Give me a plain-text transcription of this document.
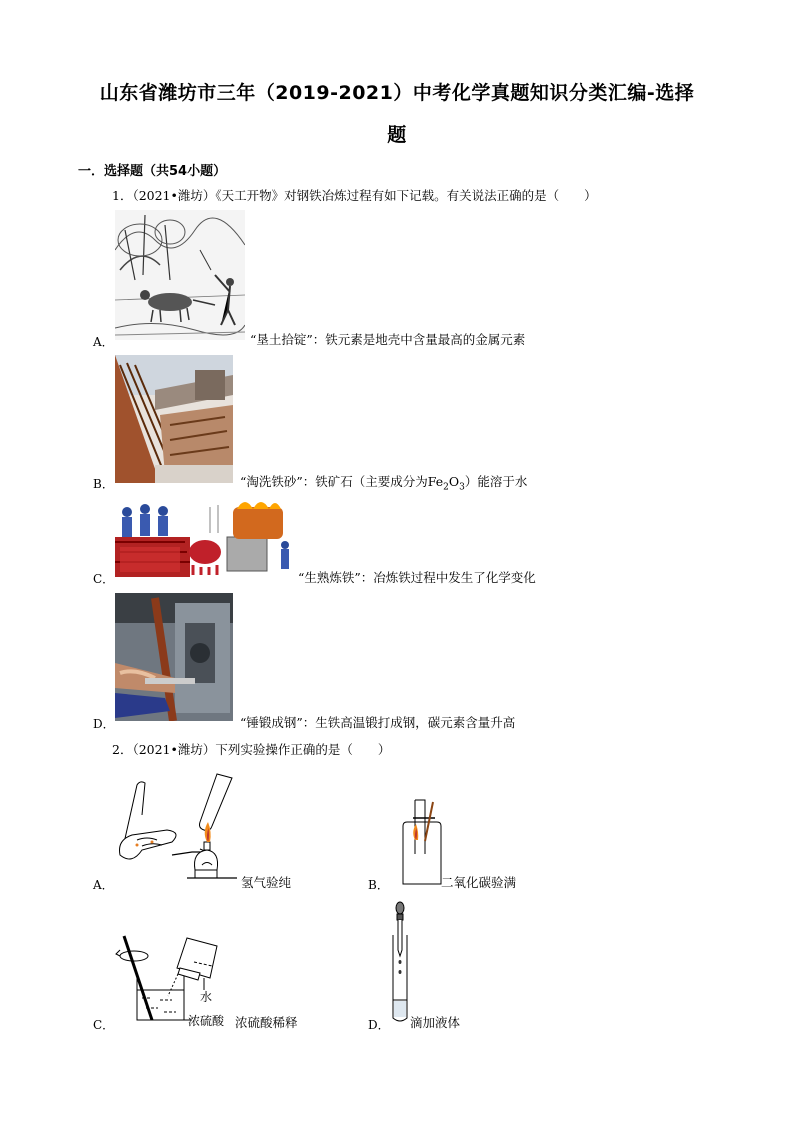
山东省潍坊市三年（2019-2021）中考化学真题知识分类汇编-选择
题
一．选择题（共54小题）
1．（2021•潍坊）《天工开物》对钢铁冶炼过程有如下记载。有关说法正确的是（　　）
A．	“垦土拾锭”：铁元素是地壳中含量最高的金属元素
B．	“淘洗铁砂”：铁矿石（主要成分为$Fe_2O_3$）能溶于水
C．	“生熟炼铁”：冶炼铁过程中发生了化学变化
D．	“锤锻成钢”：生铁高温锻打成钢，碳元素含量升高
2．（2021•潍坊）下列实验操作正确的是（　　）
A．	氢气验纯	B．	二氧化碳验满
C．
水
浓硫酸 浓硫酸稀释	D． 滴加液体
